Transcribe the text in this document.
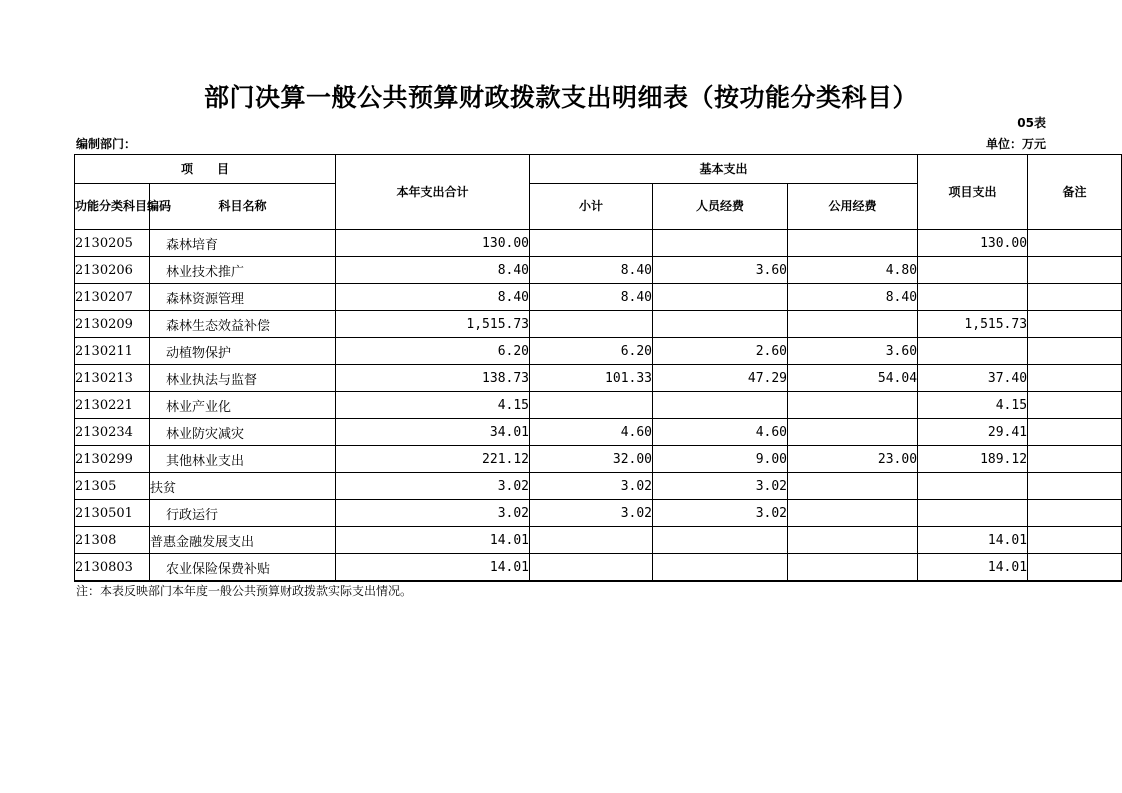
部门决算一般公共预算财政拨款支出明细表（按功能分类科目）
05表
编制部门：	单位：万元
项　　目		本年支出合计	基本支出			项目支出	备注
功能分类科目编码	科目名称		小计	人员经费	公用经费		
2130205	森林培育	130.00				130.00	
2130206	林业技术推广	8.40	8.40	3.60	4.80		
2130207	森林资源管理	8.40	8.40		8.40		
2130209	森林生态效益补偿	1,515.73				1,515.73	
2130211	动植物保护	6.20	6.20	2.60	3.60		
2130213	林业执法与监督	138.73	101.33	47.29	54.04	37.40	
2130221	林业产业化	4.15				4.15	
2130234	林业防灾减灾	34.01	4.60	4.60		29.41	
2130299	其他林业支出	221.12	32.00	9.00	23.00	189.12	
21305	扶贫	3.02	3.02	3.02			
2130501	行政运行	3.02	3.02	3.02			
21308	普惠金融发展支出	14.01				14.01	
2130803	农业保险保费补贴	14.01				14.01	
注：本表反映部门本年度一般公共预算财政拨款实际支出情况。
